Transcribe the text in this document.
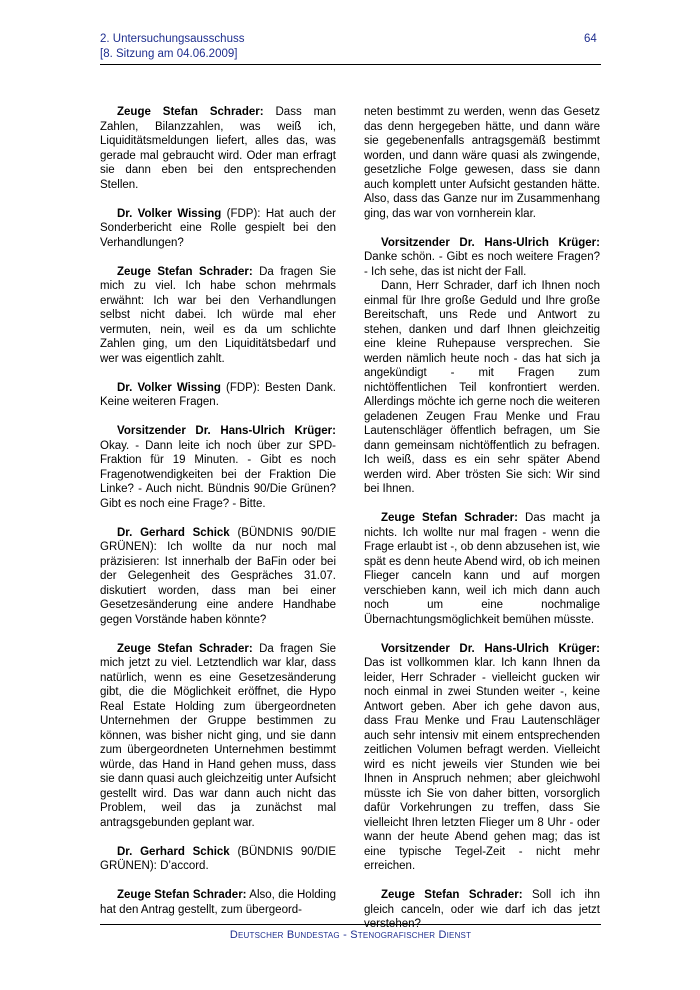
2. Untersuchungsausschuss
[8. Sitzung am 04.06.2009]
64

Zeuge Stefan Schrader: Dass man Zahlen, Bilanzzahlen, was weiß ich, Liquiditätsmeldungen liefert, alles das, was gerade mal gebraucht wird. Oder man erfragt sie dann eben bei den entsprechenden Stellen.

Dr. Volker Wissing (FDP): Hat auch der Sonderbericht eine Rolle gespielt bei den Verhandlungen?

Zeuge Stefan Schrader: Da fragen Sie mich zu viel. Ich habe schon mehrmals erwähnt: Ich war bei den Verhandlungen selbst nicht dabei. Ich würde mal eher vermuten, nein, weil es da um schlichte Zahlen ging, um den Liquiditätsbedarf und wer was eigentlich zahlt.

Dr. Volker Wissing (FDP): Besten Dank. Keine weiteren Fragen.

Vorsitzender Dr. Hans-Ulrich Krüger: Okay. - Dann leite ich noch über zur SPD-Fraktion für 19 Minuten. - Gibt es noch Fragenotwendigkeiten bei der Fraktion Die Linke? - Auch nicht. Bündnis 90/Die Grünen? Gibt es noch eine Frage? - Bitte.

Dr. Gerhard Schick (BÜNDNIS 90/DIE GRÜNEN): Ich wollte da nur noch mal präzisieren: Ist innerhalb der BaFin oder bei der Gelegenheit des Gespräches 31.07. diskutiert worden, dass man bei einer Gesetzesänderung eine andere Handhabe gegen Vorstände haben könnte?

Zeuge Stefan Schrader: Da fragen Sie mich jetzt zu viel. Letztendlich war klar, dass natürlich, wenn es eine Gesetzesänderung gibt, die die Möglichkeit eröffnet, die Hypo Real Estate Holding zum übergeordneten Unternehmen der Gruppe bestimmen zu können, was bisher nicht ging, und sie dann zum übergeordneten Unternehmen bestimmt würde, das Hand in Hand gehen muss, dass sie dann quasi auch gleichzeitig unter Aufsicht gestellt wird. Das war dann auch nicht das Problem, weil das ja zunächst mal antragsgebunden geplant war.

Dr. Gerhard Schick (BÜNDNIS 90/DIE GRÜNEN): D’accord.

Zeuge Stefan Schrader: Also, die Holding hat den Antrag gestellt, zum übergeord-

neten bestimmt zu werden, wenn das Gesetz das denn hergegeben hätte, und dann wäre sie gegebenenfalls antragsgemäß bestimmt worden, und dann wäre quasi als zwingende, gesetzliche Folge gewesen, dass sie dann auch komplett unter Aufsicht gestanden hätte. Also, dass das Ganze nur im Zusammenhang ging, das war von vornherein klar.

Vorsitzender Dr. Hans-Ulrich Krüger: Danke schön. - Gibt es noch weitere Fragen? - Ich sehe, das ist nicht der Fall.

Dann, Herr Schrader, darf ich Ihnen noch einmal für Ihre große Geduld und Ihre große Bereitschaft, uns Rede und Antwort zu stehen, danken und darf Ihnen gleichzeitig eine kleine Ruhepause versprechen. Sie werden nämlich heute noch - das hat sich ja angekündigt - mit Fragen zum nichtöffentlichen Teil konfrontiert werden. Allerdings möchte ich gerne noch die weiteren geladenen Zeugen Frau Menke und Frau Lautenschläger öffentlich befragen, um Sie dann gemeinsam nichtöffentlich zu befragen. Ich weiß, dass es ein sehr später Abend werden wird. Aber trösten Sie sich: Wir sind bei Ihnen.

Zeuge Stefan Schrader: Das macht ja nichts. Ich wollte nur mal fragen - wenn die Frage erlaubt ist -, ob denn abzusehen ist, wie spät es denn heute Abend wird, ob ich meinen Flieger canceln kann und auf morgen verschieben kann, weil ich mich dann auch noch um eine nochmalige Übernachtungsmöglichkeit bemühen müsste.

Vorsitzender Dr. Hans-Ulrich Krüger: Das ist vollkommen klar. Ich kann Ihnen da leider, Herr Schrader - vielleicht gucken wir noch einmal in zwei Stunden weiter -, keine Antwort geben. Aber ich gehe davon aus, dass Frau Menke und Frau Lautenschläger auch sehr intensiv mit einem entsprechenden zeitlichen Volumen befragt werden. Vielleicht wird es nicht jeweils vier Stunden wie bei Ihnen in Anspruch nehmen; aber gleichwohl müsste ich Sie von daher bitten, vorsorglich dafür Vorkehrungen zu treffen, dass Sie vielleicht Ihren letzten Flieger um 8 Uhr - oder wann der heute Abend gehen mag; das ist eine typische Tegel-Zeit - nicht mehr erreichen.

Zeuge Stefan Schrader: Soll ich ihn gleich canceln, oder wie darf ich das jetzt verstehen?

Deutscher Bundestag - Stenografischer Dienst
